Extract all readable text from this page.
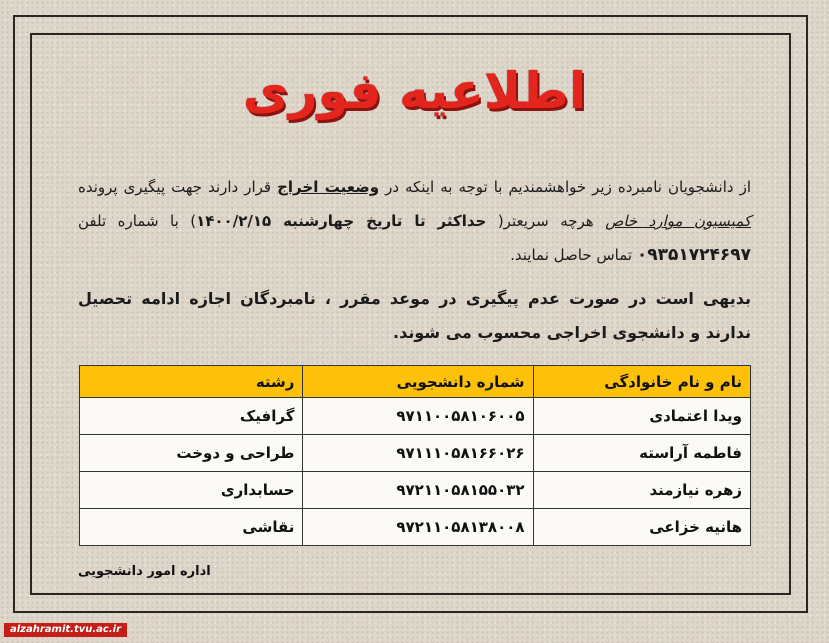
اطلاعیه فوری
از دانشجویان نامبرده زیر خواهشمندیم با توجه به اینکه در وضعیت اخراج قرار دارند جهت پیگیری پرونده کمیسیون موارد خاص هرچه سریعتر( حداکثر تا تاریخ چهارشنبه ۱۴۰۰/۲/۱۵) با شماره تلفن ۰۹۳۵۱۷۲۴۶۹۷ تماس حاصل نمایند.
بدیهی است در صورت عدم پیگیری در موعد مقرر ، نامبردگان اجازه ادامه تحصیل ندارند و دانشجوی اخراجی محسوب می شوند.
نام و نام خانوادگی	شماره دانشجویی	رشته
ویدا اعتمادی	۹۷۱۱۰۰۵۸۱۰۶۰۰۵	گرافیک
فاطمه آراسته	۹۷۱۱۱۰۵۸۱۶۶۰۲۶	طراحی و دوخت
زهره نیازمند	۹۷۲۱۱۰۵۸۱۵۵۰۳۲	حسابداری
هانیه خزاعی	۹۷۲۱۱۰۵۸۱۳۸۰۰۸	نقاشی
اداره امور دانشجویی
alzahramit.tvu.ac.ir
